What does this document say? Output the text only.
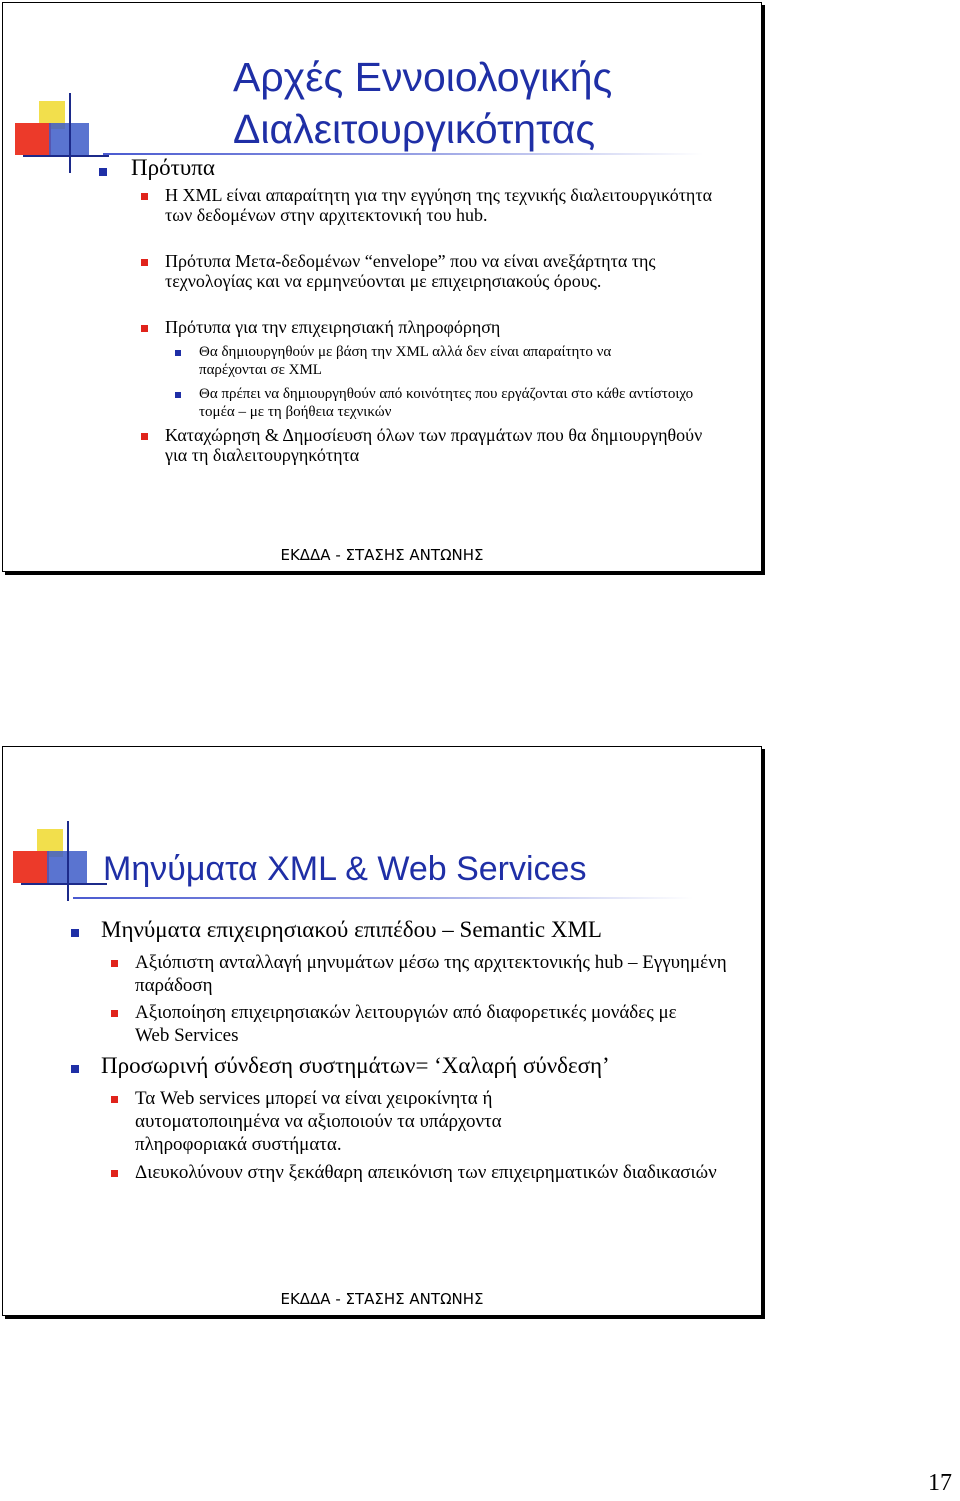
Αρχές Εννοιολογικής
Διαλειτουργικότητας
Πρότυπα
Η XML είναι απαραίτητη για την εγγύηση της τεχνικής διαλειτουργικότητα των δεδομένων στην αρχιτεκτονική του hub.
Πρότυπα Μετα-δεδομένων “envelope” που να είναι ανεξάρτητα της τεχνολογίας και να ερμηνεύονται με επιχειρησιακούς όρους.
Πρότυπα για την επιχειρησιακή πληροφόρηση
Θα δημιουργηθούν με βάση την XML αλλά δεν είναι απαραίτητο να παρέχονται σε XML
Θα πρέπει να δημιουργηθούν από κοινότητες που εργάζονται στο κάθε αντίστοιχο τομέα – με τη βοήθεια τεχνικών
Καταχώρηση & Δημοσίευση όλων των πραγμάτων που θα δημιουργηθούν για τη διαλειτουργηκότητα
ΕΚΔΔΑ - ΣΤΑΣΗΣ ΑΝΤΩΝΗΣ
Μηνύματα XML & Web Services
Μηνύματα επιχειρησιακού επιπέδου – Semantic XML
Αξιόπιστη ανταλλαγή μηνυμάτων μέσω της αρχιτεκτονικής hub – Εγγυημένη παράδοση
Αξιοποίηση επιχειρησιακών λειτουργιών από διαφορετικές μονάδες με Web Services
Προσωρινή σύνδεση συστημάτων= ‘Χαλαρή σύνδεση’
Τα Web services μπορεί να είναι χειροκίνητα ή αυτοματοποιημένα να αξιοποιούν τα υπάρχοντα πληροφοριακά συστήματα.
Διευκολύνουν στην ξεκάθαρη απεικόνιση των επιχειρηματικών διαδικασιών
ΕΚΔΔΑ - ΣΤΑΣΗΣ ΑΝΤΩΝΗΣ
17
